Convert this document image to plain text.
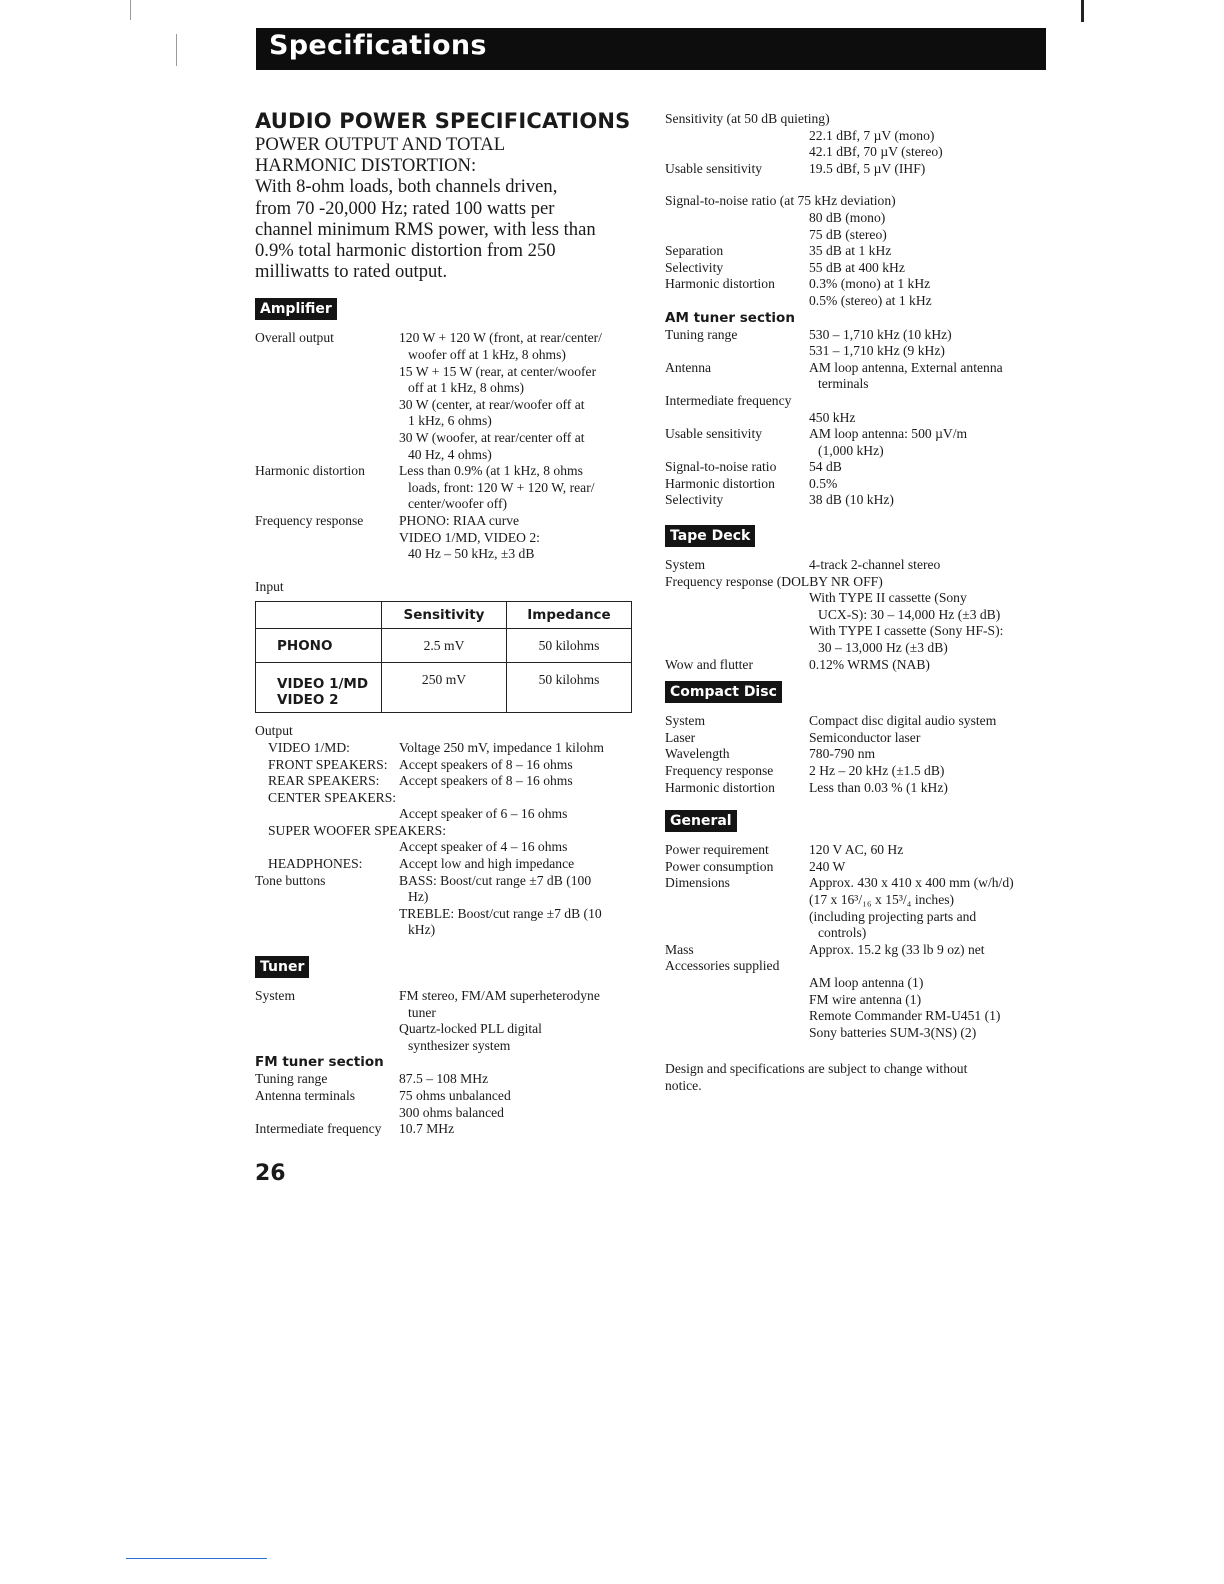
Specifications
AUDIO POWER SPECIFICATIONS

POWER OUTPUT AND TOTAL

HARMONIC DISTORTION:

With 8-ohm loads, both channels driven,

from 70 -20,000 Hz; rated 100 watts per

channel minimum RMS power, with less than

0.9% total harmonic distortion from 250

milliwatts to rated output.

Amplifier
Overall output	120 W + 120 W (front, at rear/center/
woofer off at 1 kHz, 8 ohms)
15 W + 15 W (rear, at center/woofer
off at 1 kHz, 8 ohms)
30 W (center, at rear/woofer off at
1 kHz, 6 ohms)
30 W (woofer, at rear/center off at
40 Hz, 4 ohms)
Harmonic distortion	Less than 0.9% (at 1 kHz, 8 ohms
loads, front: 120 W + 120 W, rear/
center/woofer off)
Frequency response	PHONO: RIAA curve
VIDEO 1/MD, VIDEO 2:
40 Hz – 50 kHz, ±3 dB
Input
	Sensitivity	Impedance
PHONO	2.5 mV	50 kilohms

VIDEO 1/MD
VIDEO 2	250 mV	50 kilohms
Output
VIDEO 1/MD:	Voltage 250 mV, impedance 1 kilohm
FRONT SPEAKERS: Accept speakers of 8 – 16 ohms
REAR SPEAKERS:	Accept speakers of 8 – 16 ohms
CENTER SPEAKERS:
Accept speaker of 6 – 16 ohms
SUPER WOOFER SPEAKERS:
Accept speaker of 4 – 16 ohms
HEADPHONES:	Accept low and high impedance
Tone buttons	BASS: Boost/cut range ±7 dB (100
Hz)
TREBLE: Boost/cut range ±7 dB (10
kHz)
Tuner
System	FM stereo, FM/AM superheterodyne
tuner
Quartz-locked PLL digital
synthesizer system
FM tuner section
Tuning range	87.5 – 108 MHz
Antenna terminals	75 ohms unbalanced
300 ohms balanced
Intermediate frequency	10.7 MHz
Sensitivity (at 50 dB quieting)
22.1 dBf, 7 µV (mono)
42.1 dBf, 70 µV (stereo)
Usable sensitivity	19.5 dBf, 5 µV (IHF)
Signal-to-noise ratio (at 75 kHz deviation)
80 dB (mono)
75 dB (stereo)
Separation	35 dB at 1 kHz
Selectivity	55 dB at 400 kHz
Harmonic distortion	0.3% (mono) at 1 kHz
0.5% (stereo) at 1 kHz
AM tuner section
Tuning range	530 – 1,710 kHz (10 kHz)
531 – 1,710 kHz (9 kHz)
Antenna	AM loop antenna, External antenna
terminals
Intermediate frequency
450 kHz
Usable sensitivity	AM loop antenna: 500 µV/m
(1,000 kHz)
Signal-to-noise ratio	54 dB
Harmonic distortion	0.5%
Selectivity	38 dB (10 kHz)
Tape Deck
System	4-track 2-channel stereo
Frequency response (DOLBY NR OFF)
With TYPE II cassette (Sony
UCX-S): 30 – 14,000 Hz (±3 dB)
With TYPE I cassette (Sony HF-S):
30 – 13,000 Hz (±3 dB)
Wow and flutter	0.12% WRMS (NAB)
Compact Disc
System	Compact disc digital audio system
Laser	Semiconductor laser
Wavelength	780-790 nm
Frequency response	2 Hz – 20 kHz (±1.5 dB)
Harmonic distortion	Less than 0.03 % (1 kHz)
General
Power requirement	120 V AC, 60 Hz
Power consumption	240 W
Dimensions	Approx. 430 x 410 x 400 mm (w/h/d)
(17 x 16³/₁₆ x 15³/₄ inches)
(including projecting parts and
controls)
Mass	Approx. 15.2 kg (33 lb 9 oz) net
Accessories supplied
AM loop antenna (1)
FM wire antenna (1)
Remote Commander RM-U451 (1)
Sony batteries SUM-3(NS) (2)
Design and specifications are subject to change without
notice.
26
